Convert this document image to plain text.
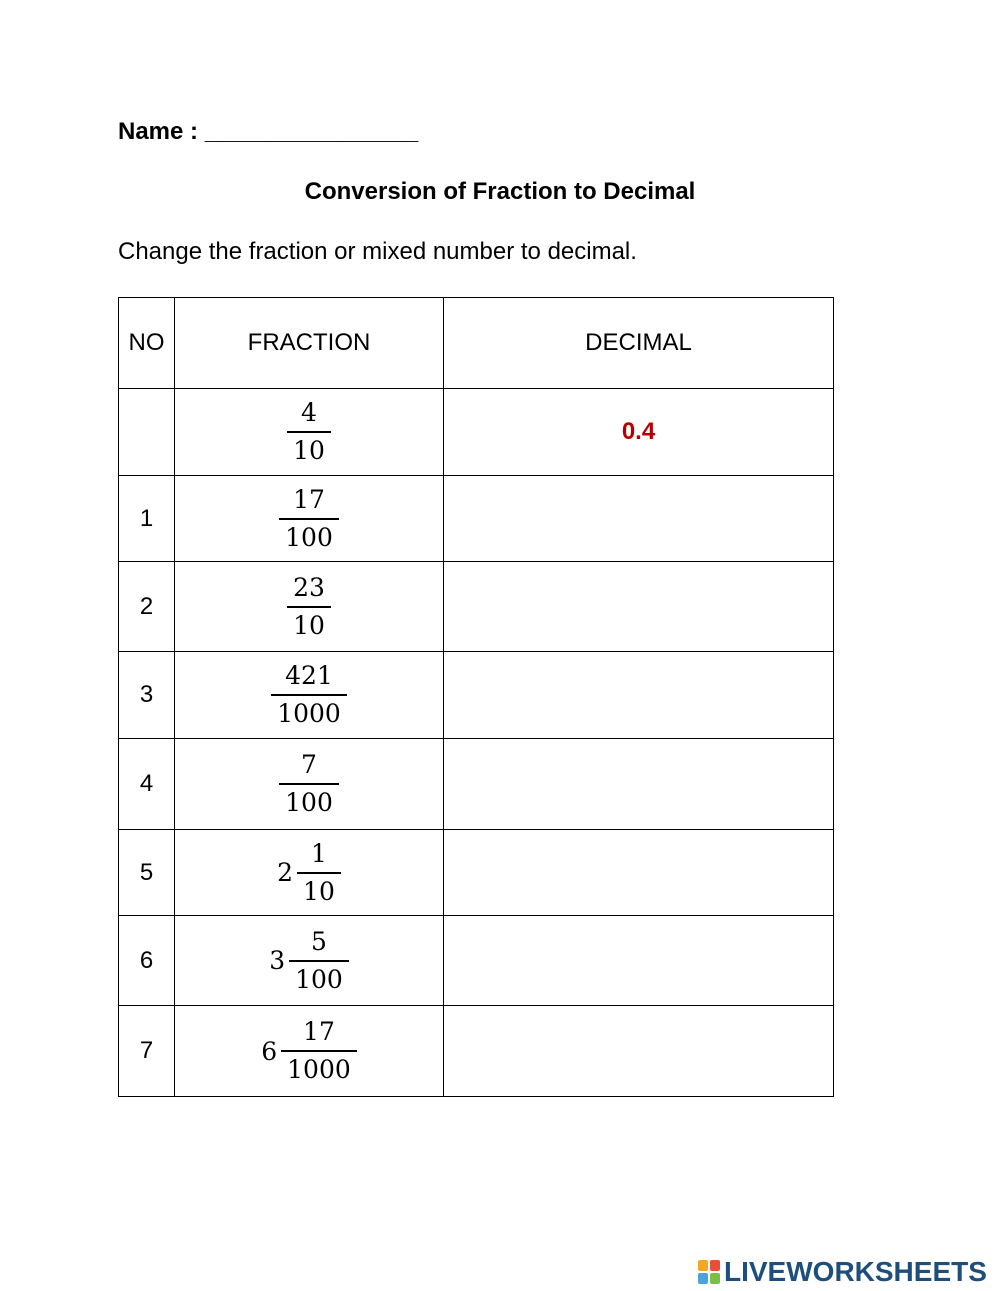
Name : ________________
Conversion of Fraction to Decimal
Change the fraction or mixed number to decimal.
NO	FRACTION	DECIMAL

	$\frac{4}{10}$	0.4
1	$\frac{17}{100}$

2	$\frac{23}{10}$

3	$\frac{421}{1000}$

4	$\frac{7}{100}$

5	$2 \frac{1}{10}$

6	$3 \frac{5}{100}$

7	$6 \frac{17}{1000}$

LIVEWORKSHEETS
